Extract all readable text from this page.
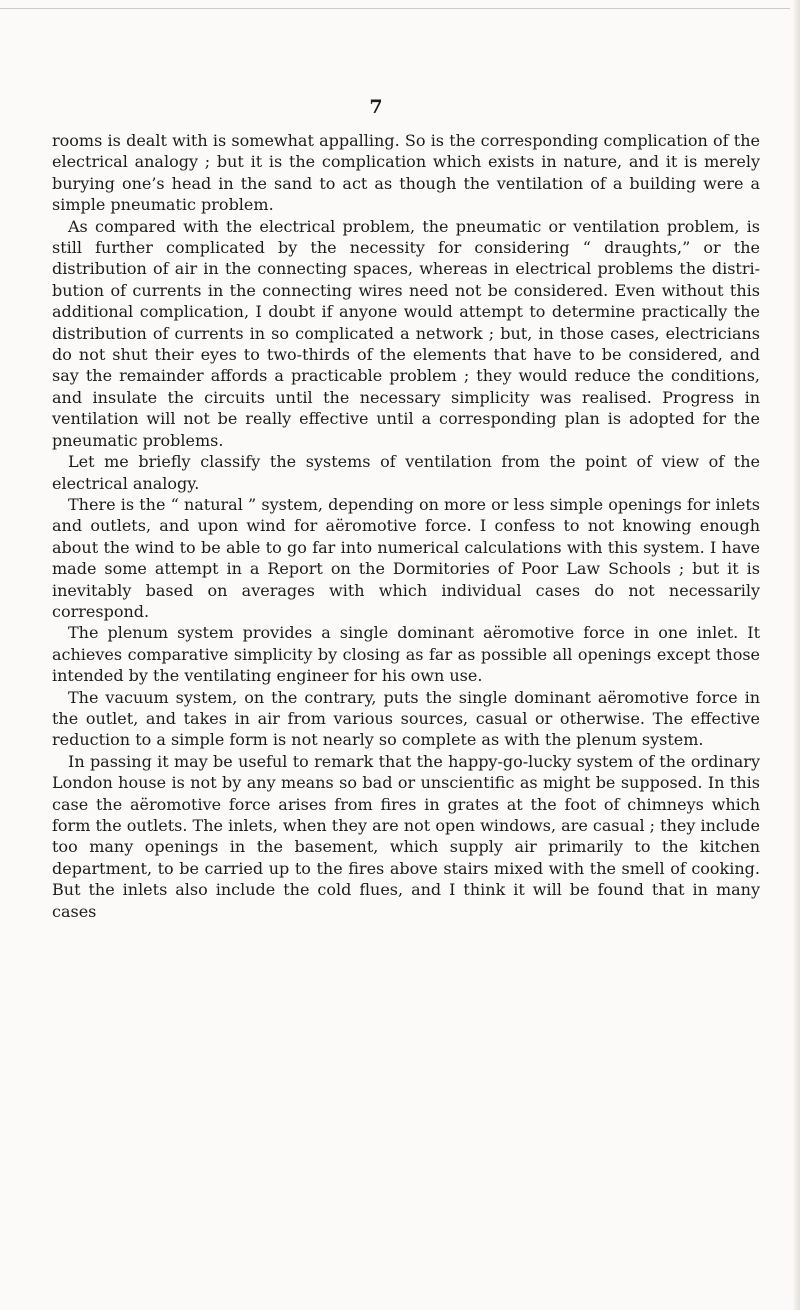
7

rooms is dealt with is somewhat appalling. So is the corresponding complication of the electrical analogy ; but it is the complication which exists in nature, and it is merely burying one’s head in the sand to act as though the ventilation of a building were a simple pneumatic problem.

As compared with the electrical problem, the pneumatic or ventilation problem, is still further complicated by the necessity for considering “ draughts,” or the distribution of air in the connecting spaces, whereas in electrical problems the distribution of currents in the connecting wires need not be considered. Even without this additional complication, I doubt if anyone would attempt to determine practically the distribution of currents in so complicated a network ; but, in those cases, electricians do not shut their eyes to two-thirds of the elements that have to be considered, and say the remainder affords a practicable problem ; they would reduce the conditions, and insulate the circuits until the necessary simplicity was realised. Progress in ventilation will not be really effective until a corresponding plan is adopted for the pneumatic problems.

Let me briefly classify the systems of ventilation from the point of view of the electrical analogy.

There is the “ natural ” system, depending on more or less simple openings for inlets and outlets, and upon wind for aëromotive force. I confess to not knowing enough about the wind to be able to go far into numerical calculations with this system. I have made some attempt in a Report on the Dormitories of Poor Law Schools ; but it is inevitably based on averages with which individual cases do not necessarily correspond.

The plenum system provides a single dominant aëromotive force in one inlet. It achieves comparative simplicity by closing as far as possible all openings except those intended by the ventilating engineer for his own use.

The vacuum system, on the contrary, puts the single dominant aëromotive force in the outlet, and takes in air from various sources, casual or otherwise. The effective reduction to a simple form is not nearly so complete as with the plenum system.

In passing it may be useful to remark that the happy-go-lucky system of the ordinary London house is not by any means so bad or unscientific as might be supposed. In this case the aëromotive force arises from fires in grates at the foot of chimneys which form the outlets. The inlets, when they are not open windows, are casual ; they include too many openings in the basement, which supply air primarily to the kitchen department, to be carried up to the fires above stairs mixed with the smell of cooking. But the inlets also include the cold flues, and I think it will be found that in many cases
